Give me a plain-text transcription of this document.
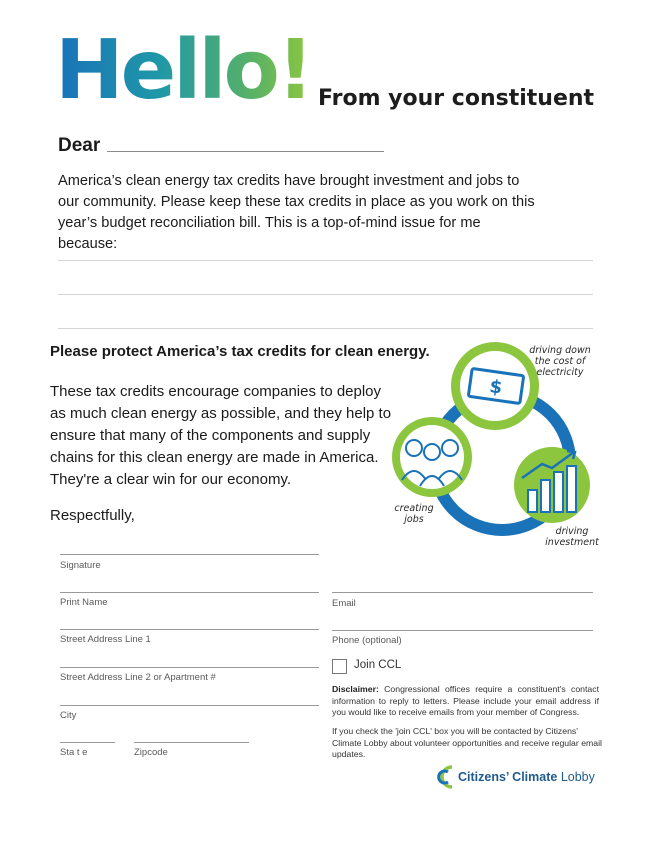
Hello! From your constituent
Dear
America’s clean energy tax credits have brought investment and jobs to our community. Please keep these tax credits in place as you work on this year’s budget reconciliation bill. This is a top-of-mind issue for me because:
Please protect America’s tax credits for clean energy.
These tax credits encourage companies to deploy as much clean energy as possible, and they help to ensure that many of the components and supply chains for this clean energy are made in America. They're a clear win for our economy.
Respectfully,
$
driving down the cost of electricity
creating jobs
driving investment
Signature
Print Name
Street Address Line 1
Street Address Line 2 or Apartment #
City
Sta t e	Zipcode
Email
Phone (optional)
Join CCL
Disclaimer: Congressional offices require a constituent's contact information to reply to letters. Please include your email address if you would like to receive emails from your member of Congress.
If you check the 'join CCL' box you will be contacted by Citizens' Climate Lobby about volunteer opportunities and receive regular email updates.
Citizens’ Climate Lobby
